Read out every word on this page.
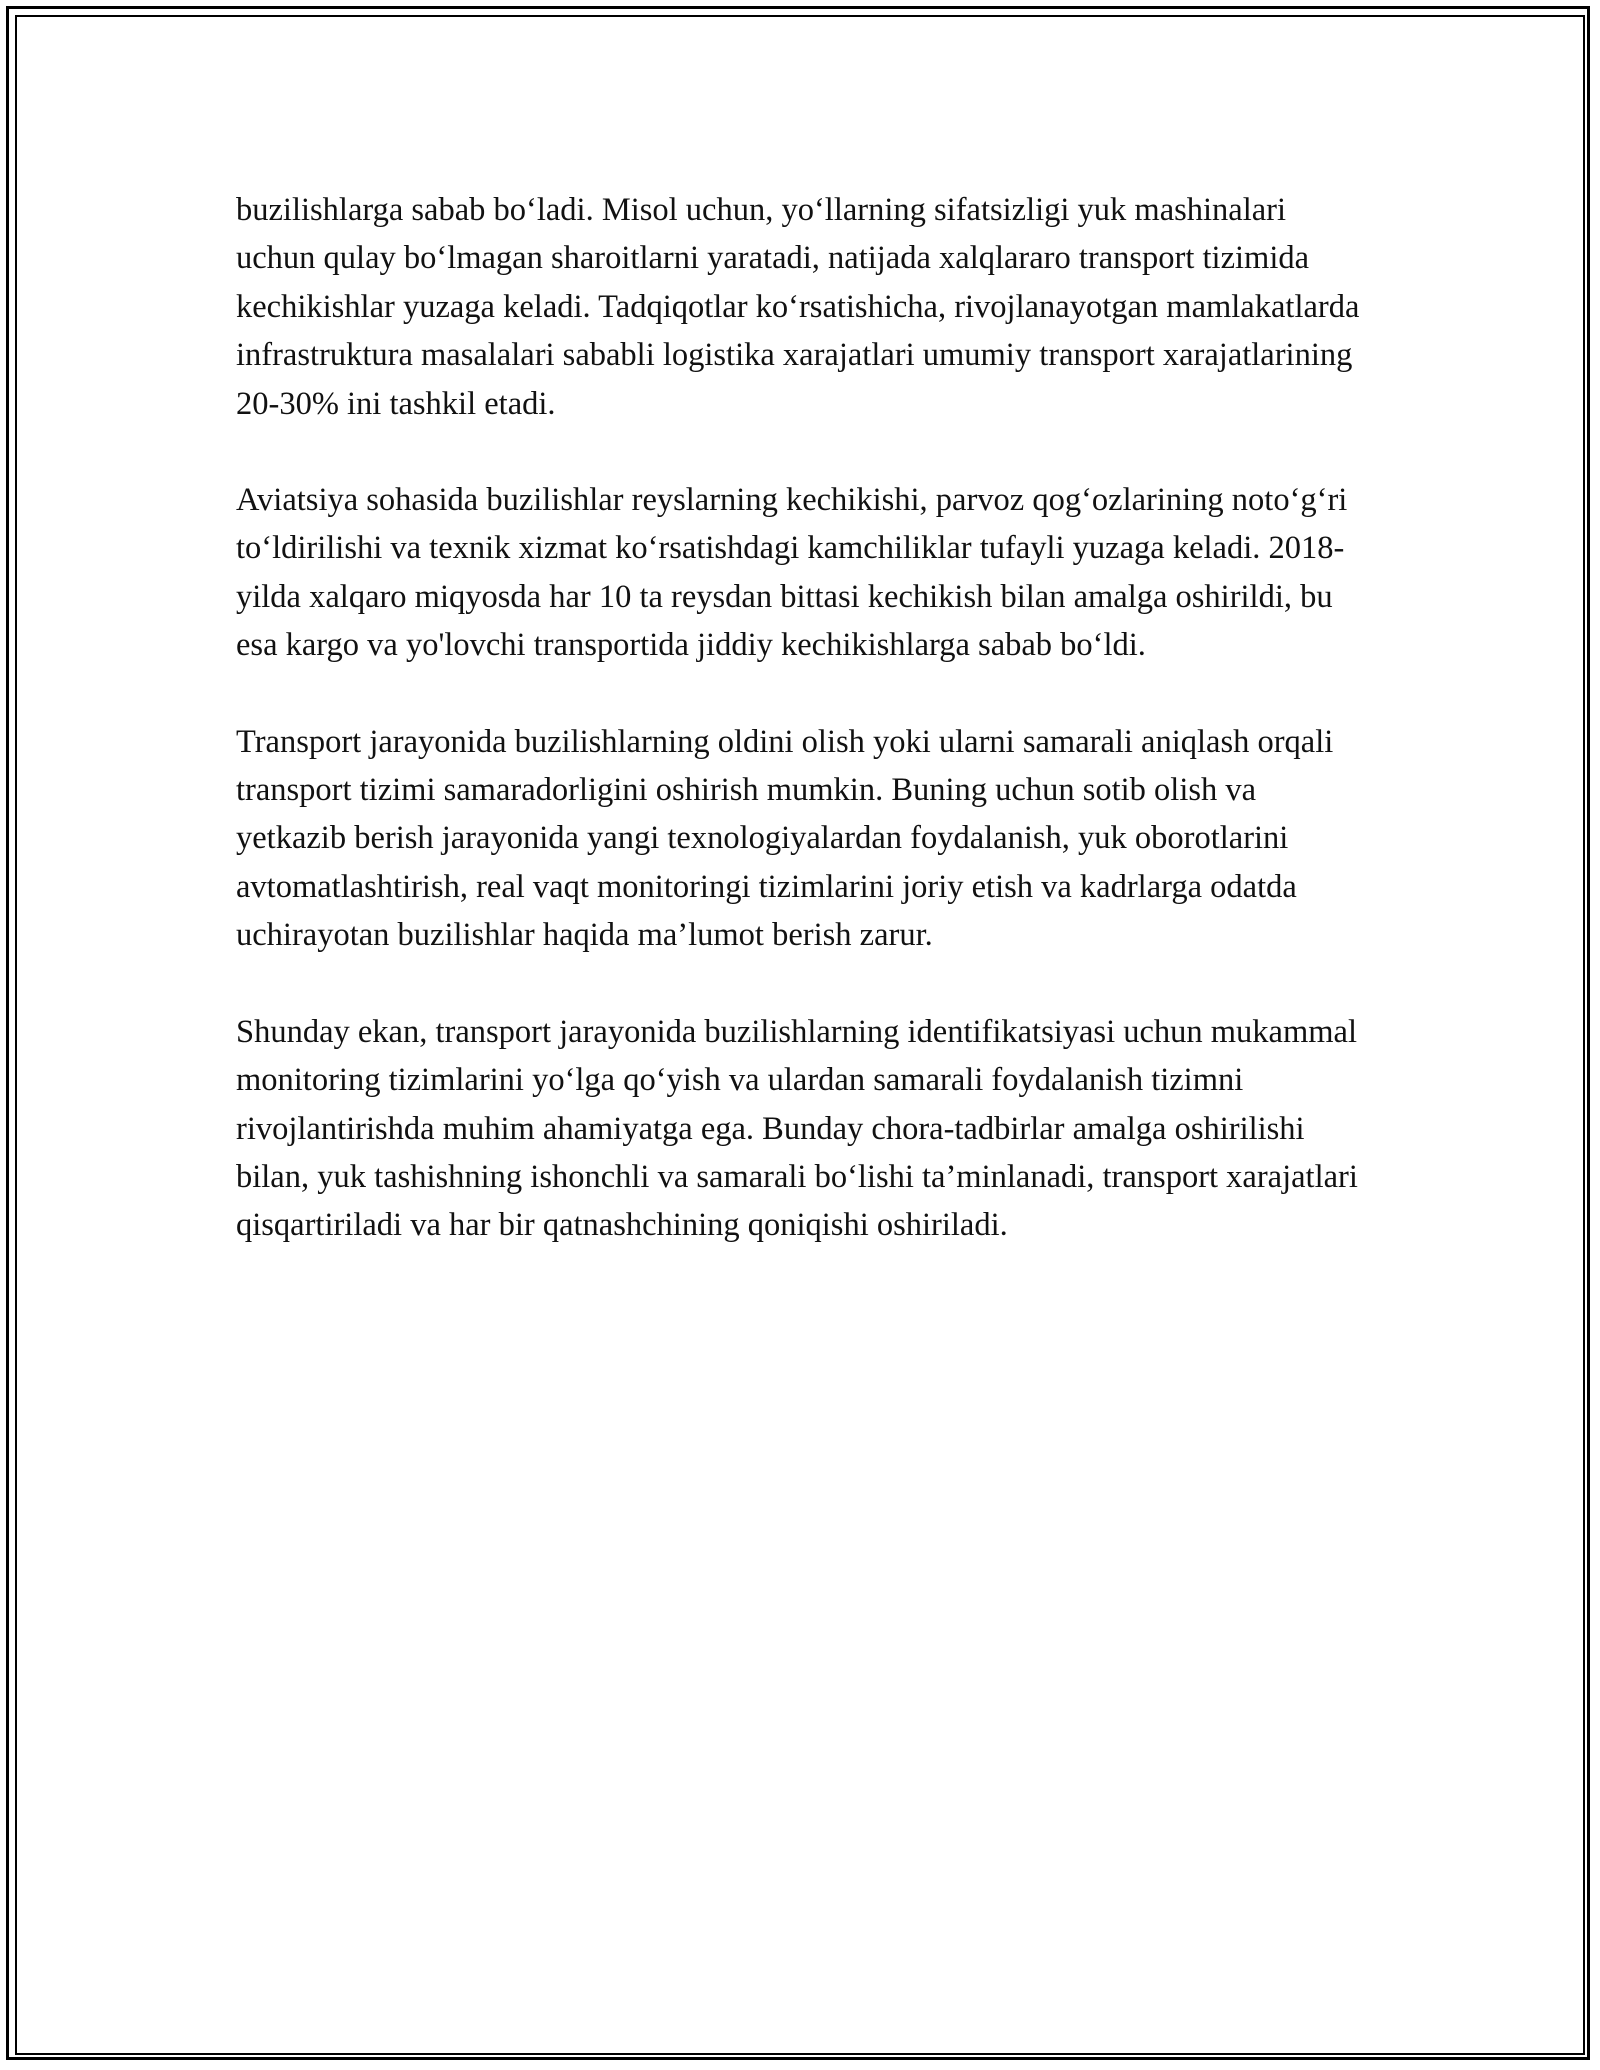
buzilishlarga sabab bo‘ladi. Misol uchun, yo‘llarning sifatsizligi yuk mashinalari uchun qulay bo‘lmagan sharoitlarni yaratadi, natijada xalqlararo transport tizimida kechikishlar yuzaga keladi. Tadqiqotlar ko‘rsatishicha, rivojlanayotgan mamlakatlarda infrastruktura masalalari sababli logistika xarajatlari umumiy transport xarajatlarining 20-30% ini tashkil etadi.

Aviatsiya sohasida buzilishlar reyslarning kechikishi, parvoz qog‘ozlarining noto‘g‘ri to‘ldirilishi va texnik xizmat ko‘rsatishdagi kamchiliklar tufayli yuzaga keladi. 2018-yilda xalqaro miqyosda har 10 ta reysdan bittasi kechikish bilan amalga oshirildi, bu esa kargo va yo'lovchi transportida jiddiy kechikishlarga sabab bo‘ldi.

Transport jarayonida buzilishlarning oldini olish yoki ularni samarali aniqlash orqali transport tizimi samaradorligini oshirish mumkin. Buning uchun sotib olish va yetkazib berish jarayonida yangi texnologiyalardan foydalanish, yuk oborotlarini avtomatlashtirish, real vaqt monitoringi tizimlarini joriy etish va kadrlarga odatda uchirayotan buzilishlar haqida ma’lumot berish zarur.

Shunday ekan, transport jarayonida buzilishlarning identifikatsiyasi uchun mukammal monitoring tizimlarini yo‘lga qo‘yish va ulardan samarali foydalanish tizimni rivojlantirishda muhim ahamiyatga ega. Bunday chora-tadbirlar amalga oshirilishi bilan, yuk tashishning ishonchli va samarali bo‘lishi ta’minlanadi, transport xarajatlari qisqartiriladi va har bir qatnashchining qoniqishi oshiriladi.
